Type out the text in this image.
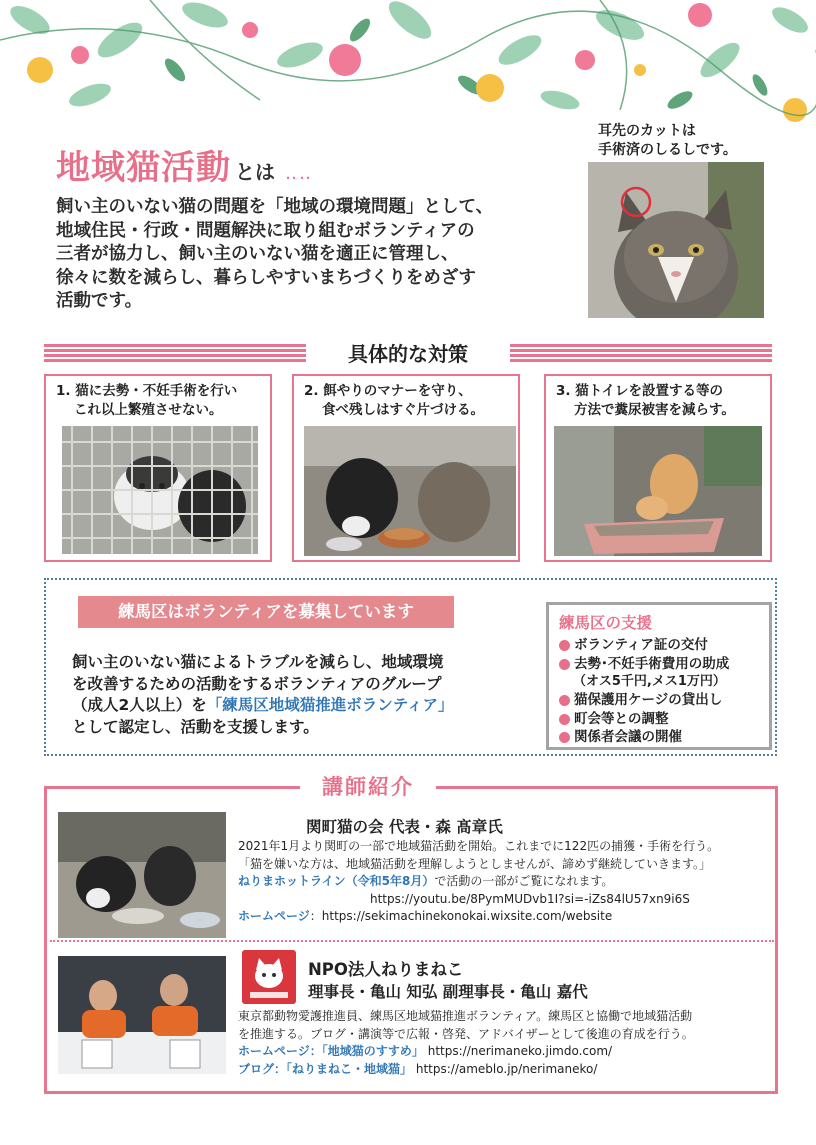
地域猫活動 とは ‥‥
飼い主のいない猫の問題を「地域の環境問題」として、
地域住民・行政・問題解決に取り組むボランティアの
三者が協力し、飼い主のいない猫を適正に管理し、
徐々に数を減らし、暮らしやすいまちづくりをめざす
活動です。
耳先のカットは
手術済のしるしです。
具体的な対策
1. 猫に去勢・不妊手術を行い
これ以上繁殖させない。
2. 餌やりのマナーを守り、
食べ残しはすぐ片づける。
3. 猫トイレを設置する等の
方法で糞尿被害を減らす。
練馬区はボランティアを募集しています
飼い主のいない猫によるトラブルを減らし、地域環境
を改善するための活動をするボランティアのグループ
（成人2人以上）を「練馬区地域猫推進ボランティア」
として認定し、活動を支援します。
練馬区の支援
ボランティア証の交付
去勢･不妊手術費用の助成
（オス5千円,メス1万円）
猫保護用ケージの貸出し
町会等との調整
関係者会議の開催
講師紹介
関町猫の会 代表・森 髙章氏
2021年1月より関町の一部で地域猫活動を開始。これまでに122匹の捕獲・手術を行う。
「猫を嫌いな方は、地域猫活動を理解しようとしませんが、諦めず継続していきます。」
ねりまホットライン（令和5年8月）で活動の一部がご覧になれます。
https://youtu.be/8PymMUDvb1I?si=-iZs84lU57xn9i6S
ホームページ：https://sekimachinekonokai.wixsite.com/website
NPO法人ねりまねこ
理事長・亀山 知弘 副理事長・亀山 嘉代
東京都動物愛護推進員、練馬区地域猫推進ボランティア。練馬区と協働で地域猫活動
を推進する。ブログ・講演等で広報・啓発、アドバイザーとして後進の育成を行う。
ホームページ：「地域猫のすすめ」 https://nerimaneko.jimdo.com/
ブログ：「ねりまねこ・地域猫」 https://ameblo.jp/nerimaneko/
